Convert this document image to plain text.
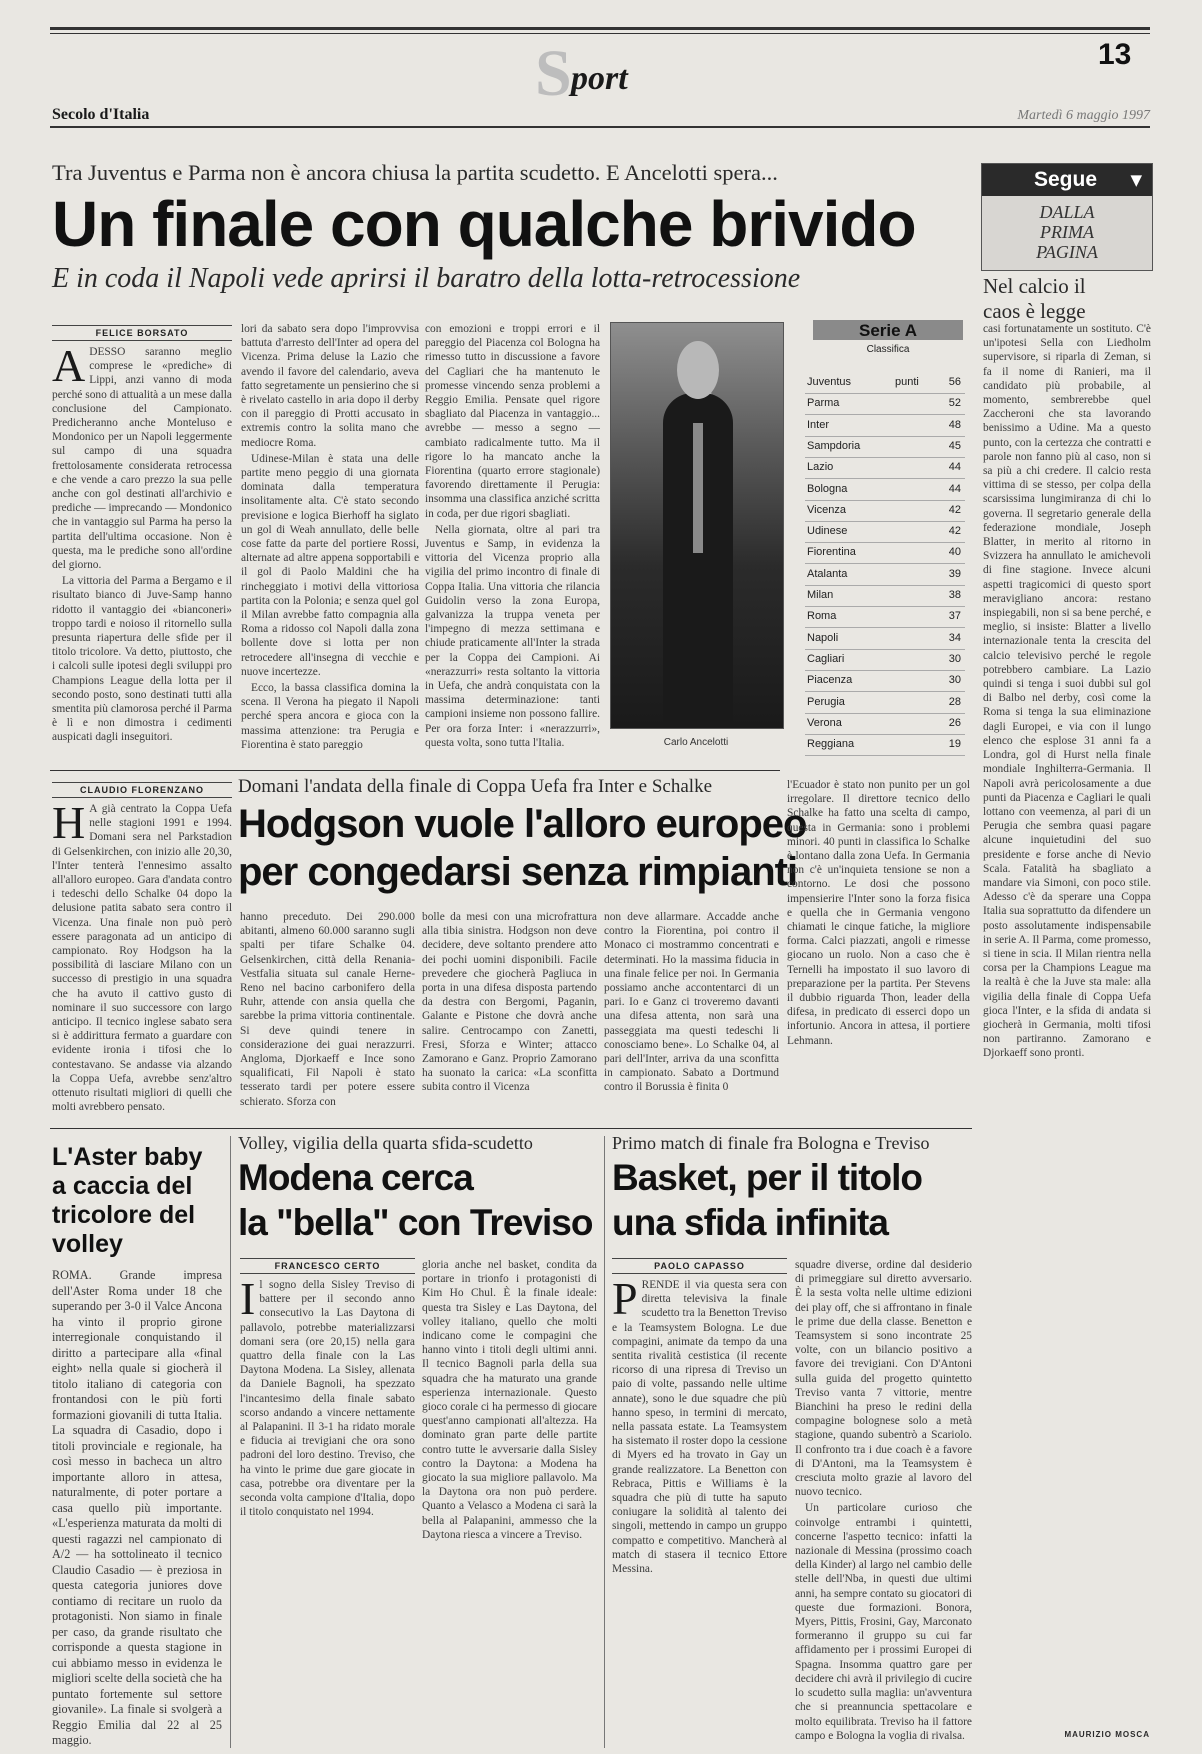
S port
13
Secolo d'Italia	Martedì 6 maggio 1997
Tra Juventus e Parma non è ancora chiusa la partita scudetto. E Ancelotti spera...
Un finale con qualche brivido
E in coda il Napoli vede aprirsi il baratro della lotta-retrocessione
Segue ▼
DALLA
PRIMA
PAGINA
Nel calcio il caos è legge
FELICE BORSATO
A DESSO saranno meglio comprese le «prediche» di Lippi, anzi vanno di moda perché sono di attualità a un mese dalla conclusione del Campionato. Predicheranno anche Monteluso e Mondonico per un Napoli leggermente sul campo di una squadra frettolosamente considerata retrocessa e che vende a caro prezzo la sua pelle anche con gol destinati all'archivio e prediche — imprecando — Mondonico che in vantaggio sul Parma ha perso la partita dell'ultima occasione. Non è questa, ma le prediche sono all'ordine del giorno.

La vittoria del Parma a Bergamo e il risultato bianco di Juve-Samp hanno ridotto il vantaggio dei «bianconeri» troppo tardi e noioso il ritornello sulla presunta riapertura delle sfide per il titolo tricolore. Va detto, piuttosto, che i calcoli sulle ipotesi degli sviluppi pro Champions League della lotta per il secondo posto, sono destinati tutti alla smentita più clamorosa perché il Parma è lì e non dimostra i cedimenti auspicati dagli inseguitori.

lori da sabato sera dopo l'improvvisa battuta d'arresto dell'Inter ad opera del Vicenza. Prima deluse la Lazio che avendo il favore del calendario, aveva fatto segretamente un pensierino che si è rivelato castello in aria dopo il derby con il pareggio di Protti accusato in extremis contro la solita mano che mediocre Roma.

Udinese-Milan è stata una delle partite meno peggio di una giornata dominata dalla temperatura insolitamente alta. C'è stato secondo previsione e logica Bierhoff ha siglato un gol di Weah annullato, delle belle cose fatte da parte del portiere Rossi, alternate ad altre appena sopportabili e il gol di Paolo Maldini che ha rincheggiato i motivi della vittoriosa partita con la Polonia; e senza quel gol il Milan avrebbe fatto compagnia alla Roma a ridosso col Napoli dalla zona bollente dove si lotta per non retrocedere all'insegna di vecchie e nuove incertezze.

Ecco, la bassa classifica domina la scena. Il Verona ha piegato il Napoli perché spera ancora e gioca con la massima attenzione: tra Perugia e Fiorentina è stato pareggio

con emozioni e troppi errori e il pareggio del Piacenza col Bologna ha rimesso tutto in discussione a favore del Cagliari che ha mantenuto le promesse vincendo senza problemi a Reggio Emilia. Pensate quel rigore sbagliato dal Piacenza in vantaggio... avrebbe — messo a segno — cambiato radicalmente tutto. Ma il rigore lo ha mancato anche la Fiorentina (quarto errore stagionale) favorendo direttamente il Perugia: insomma una classifica anziché scritta in coda, per due rigori sbagliati.

Nella giornata, oltre al pari tra Juventus e Samp, in evidenza la vittoria del Vicenza proprio alla vigilia del primo incontro di finale di Coppa Italia. Una vittoria che rilancia Guidolin verso la zona Europa, galvanizza la truppa veneta per l'impegno di mezza settimana e chiude praticamente all'Inter la strada per la Coppa dei Campioni. Ai «nerazzurri» resta soltanto la vittoria in Uefa, che andrà conquistata con la massima determinazione: tanti campioni insieme non possono fallire. Per ora forza Inter: i «nerazzurri», questa volta, sono tutta l'Italia.	Carlo Ancelotti
Serie A
Classifica
punti
Juventus	56
Parma	52
Inter	48
Sampdoria	45
Lazio	44
Bologna	44
Vicenza	42
Udinese	42
Fiorentina	40
Atalanta	39
Milan	38
Roma	37
Napoli	34
Cagliari	30
Piacenza	30
Perugia	28
Verona	26
Reggiana	19

casi fortunatamente un sostituto. C'è un'ipotesi Sella con Liedholm supervisore, si riparla di Zeman, si fa il nome di Ranieri, ma il candidato più probabile, al momento, sembrerebbe quel Zaccheroni che sta lavorando benissimo a Udine. Ma a questo punto, con la certezza che contratti e parole non fanno più al caso, non si sa più a chi credere. Il calcio resta vittima di se stesso, per colpa della scarsissima lungimiranza di chi lo governa. Il segretario generale della federazione mondiale, Joseph Blatter, in merito al ritorno in Svizzera ha annullato le amichevoli di fine stagione. Invece alcuni aspetti tragicomici di questo sport meravigliano ancora: restano inspiegabili, non si sa bene perché, e meglio, si insiste: Blatter a livello internazionale tenta la crescita del calcio televisivo perché le regole potrebbero cambiare. La Lazio quindi si tenga i suoi dubbi sul gol di Balbo nel derby, così come la Roma si tenga la sua eliminazione dagli Europei, e via con il lungo elenco che esplose 31 anni fa a Londra, gol di Hurst nella finale mondiale Inghilterra-Germania. Il Napoli avrà pericolosamente a due punti da Piacenza e Cagliari le quali lottano con veemenza, al pari di un Perugia che sembra quasi pagare alcune inquietudini del suo presidente e forse anche di Nevio Scala. Fatalità ha sbagliato a mandare via Simoni, con poco stile. Adesso c'è da sperare una Coppa Italia sua soprattutto da difendere un posto assolutamente indispensabile in serie A. Il Parma, come promesso, si tiene in scia. Il Milan rientra nella corsa per la Champions League ma la realtà è che la Juve sta male: alla vigilia della finale di Coppa Uefa gioca l'Inter, e la sfida di andata si giocherà in Germania, molti tifosi non partiranno. Zamorano e Djorkaeff sono pronti.

MAURIZIO MOSCA
CLAUDIO FLORENZANO
H A già centrato la Coppa Uefa nelle stagioni 1991 e 1994. Domani sera nel Parkstadion di Gelsenkirchen, con inizio alle 20,30, l'Inter tenterà l'ennesimo assalto all'alloro europeo. Gara d'andata contro i tedeschi dello Schalke 04 dopo la delusione patita sabato sera contro il Vicenza. Una finale non può però essere paragonata ad un anticipo di campionato. Roy Hodgson ha la possibilità di lasciare Milano con un successo di prestigio in una squadra che ha avuto il cattivo gusto di nominare il suo successore con largo anticipo. Il tecnico inglese sabato sera si è addirittura fermato a guardare con evidente ironia i tifosi che lo contestavano. Se andasse via alzando la Coppa Uefa, avrebbe senz'altro ottenuto risultati migliori di quelli che molti avrebbero pensato.

Domani l'andata della finale di Coppa Uefa fra Inter e Schalke
Hodgson vuole l'alloro europeo
per congedarsi senza rimpianti

hanno preceduto. Dei 290.000 abitanti, almeno 60.000 saranno sugli spalti per tifare Schalke 04. Gelsenkirchen, città della Renania-Vestfalia situata sul canale Herne-Reno nel bacino carbonifero della Ruhr, attende con ansia quella che sarebbe la prima vittoria continentale. Si deve quindi tenere in considerazione dei guai nerazzurri. Angloma, Djorkaeff e Ince sono squalificati, Fil Napoli è stato tesserato tardi per potere essere schierato. Sforza con

bolle da mesi con una microfrattura alla tibia sinistra. Hodgson non deve decidere, deve soltanto prendere atto dei pochi uomini disponibili. Facile prevedere che giocherà Pagliuca in porta in una difesa disposta partendo da destra con Bergomi, Paganin, Galante e Pistone che dovrà anche salire. Centrocampo con Zanetti, Fresi, Sforza e Winter; attacco Zamorano e Ganz. Proprio Zamorano ha suonato la carica: «La sconfitta subita contro il Vicenza

non deve allarmare. Accadde anche contro la Fiorentina, poi contro il Monaco ci mostrammo concentrati e determinati. Ho la massima fiducia in una finale felice per noi. In Germania possiamo anche accontentarci di un pari. Io e Ganz ci troveremo davanti una difesa attenta, non sarà una passeggiata ma questi tedeschi li conosciamo bene». Lo Schalke 04, al pari dell'Inter, arriva da una sconfitta in campionato. Sabato a Dortmund contro il Borussia è finita 0

l'Ecuador è stato non punito per un gol irregolare. Il direttore tecnico dello Schalke ha fatto una scelta di campo, questa in Germania: sono i problemi minori. 40 punti in classifica lo Schalke è lontano dalla zona Uefa. In Germania non c'è un'inquieta tensione se non a contorno. Le dosi che possono impensierire l'Inter sono la forza fisica e quella che in Germania vengono chiamati le cinque fatiche, la migliore forma. Calci piazzati, angoli e rimesse giocano un ruolo. Non a caso che è Ternelli ha impostato il suo lavoro di preparazione per la partita. Per Stevens il dubbio riguarda Thon, leader della difesa, in predicato di esserci dopo un infortunio. Ancora in attesa, il portiere Lehmann.

L'Aster baby a caccia del tricolore del volley

ROMA. Grande impresa dell'Aster Roma under 18 che superando per 3-0 il Valce Ancona ha vinto il proprio girone interregionale conquistando il diritto a partecipare alla «final eight» nella quale si giocherà il titolo italiano di categoria con frontandosi con le più forti formazioni giovanili di tutta Italia. La squadra di Casadio, dopo i titoli provinciale e regionale, ha così messo in bacheca un altro importante alloro in attesa, naturalmente, di poter portare a casa quello più importante. «L'esperienza maturata da molti di questi ragazzi nel campionato di A/2 — ha sottolineato il tecnico Claudio Casadio — è preziosa in questa categoria juniores dove contiamo di recitare un ruolo da protagonisti. Non siamo in finale per caso, da grande risultato che corrisponde a questa stagione in cui abbiamo messo in evidenza le migliori scelte della società che ha puntato fortemente sul settore giovanile». La finale si svolgerà a Reggio Emilia dal 22 al 25 maggio.

Volley, vigilia della quarta sfida-scudetto
Modena cerca
la "bella" con Treviso
FRANCESCO CERTO
I l sogno della Sisley Treviso di battere per il secondo anno consecutivo la Las Daytona di pallavolo, potrebbe materializzarsi domani sera (ore 20,15) nella gara quattro della finale con la Las Daytona Modena. La Sisley, allenata da Daniele Bagnoli, ha spezzato l'incantesimo della finale sabato scorso andando a vincere nettamente al Palapanini. Il 3-1 ha ridato morale e fiducia ai trevigiani che ora sono padroni del loro destino. Treviso, che ha vinto le prime due gare giocate in casa, potrebbe ora diventare per la seconda volta campione d'Italia, dopo il titolo conquistato nel 1994.

gloria anche nel basket, condita da portare in trionfo i protagonisti di Kim Ho Chul. È la finale ideale: questa tra Sisley e Las Daytona, del volley italiano, quello che molti indicano come le compagini che hanno vinto i titoli degli ultimi anni. Il tecnico Bagnoli parla della sua squadra che ha maturato una grande esperienza internazionale. Questo gioco corale ci ha permesso di giocare quest'anno campionati all'altezza. Ha dominato gran parte delle partite contro tutte le avversarie dalla Sisley contro la Daytona: a Modena ha giocato la sua migliore pallavolo. Ma la Daytona ora non può perdere. Quanto a Velasco a Modena ci sarà la bella al Palapanini, ammesso che la Daytona riesca a vincere a Treviso.

Primo match di finale fra Bologna e Treviso
Basket, per il titolo
una sfida infinita
PAOLO CAPASSO
P RENDE il via questa sera con diretta televisiva la finale scudetto tra la Benetton Treviso e la Teamsystem Bologna. Le due compagini, animate da tempo da una sentita rivalità cestistica (il recente ricorso di una ripresa di Treviso un paio di volte, passando nelle ultime annate), sono le due squadre che più hanno speso, in termini di mercato, nella passata estate. La Teamsystem ha sistemato il roster dopo la cessione di Myers ed ha trovato in Gay un grande realizzatore. La Benetton con Rebraca, Pittis e Williams è la squadra che più di tutte ha saputo coniugare la solidità al talento dei singoli, mettendo in campo un gruppo compatto e competitivo. Mancherà al match di stasera il tecnico Ettore Messina.

squadre diverse, ordine dal desiderio di primeggiare sul diretto avversario. È la sesta volta nelle ultime edizioni dei play off, che si affrontano in finale le prime due della classe. Benetton e Teamsystem si sono incontrate 25 volte, con un bilancio positivo a favore dei trevigiani. Con D'Antoni sulla guida del progetto quintetto Treviso vanta 7 vittorie, mentre Bianchini ha preso le redini della compagine bolognese solo a metà stagione, quando subentrò a Scariolo. Il confronto tra i due coach è a favore di D'Antoni, ma la Teamsystem è cresciuta molto grazie al lavoro del nuovo tecnico.

Un particolare curioso che coinvolge entrambi i quintetti, concerne l'aspetto tecnico: infatti la nazionale di Messina (prossimo coach della Kinder) al largo nel cambio delle stelle dell'Nba, in questi due ultimi anni, ha sempre contato su giocatori di queste due formazioni. Bonora, Myers, Pittis, Frosini, Gay, Marconato formeranno il gruppo su cui far affidamento per i prossimi Europei di Spagna. Insomma quattro gare per decidere chi avrà il privilegio di cucire lo scudetto sulla maglia: un'avventura che si preannuncia spettacolare e molto equilibrata. Treviso ha il fattore campo e Bologna la voglia di rivalsa.
